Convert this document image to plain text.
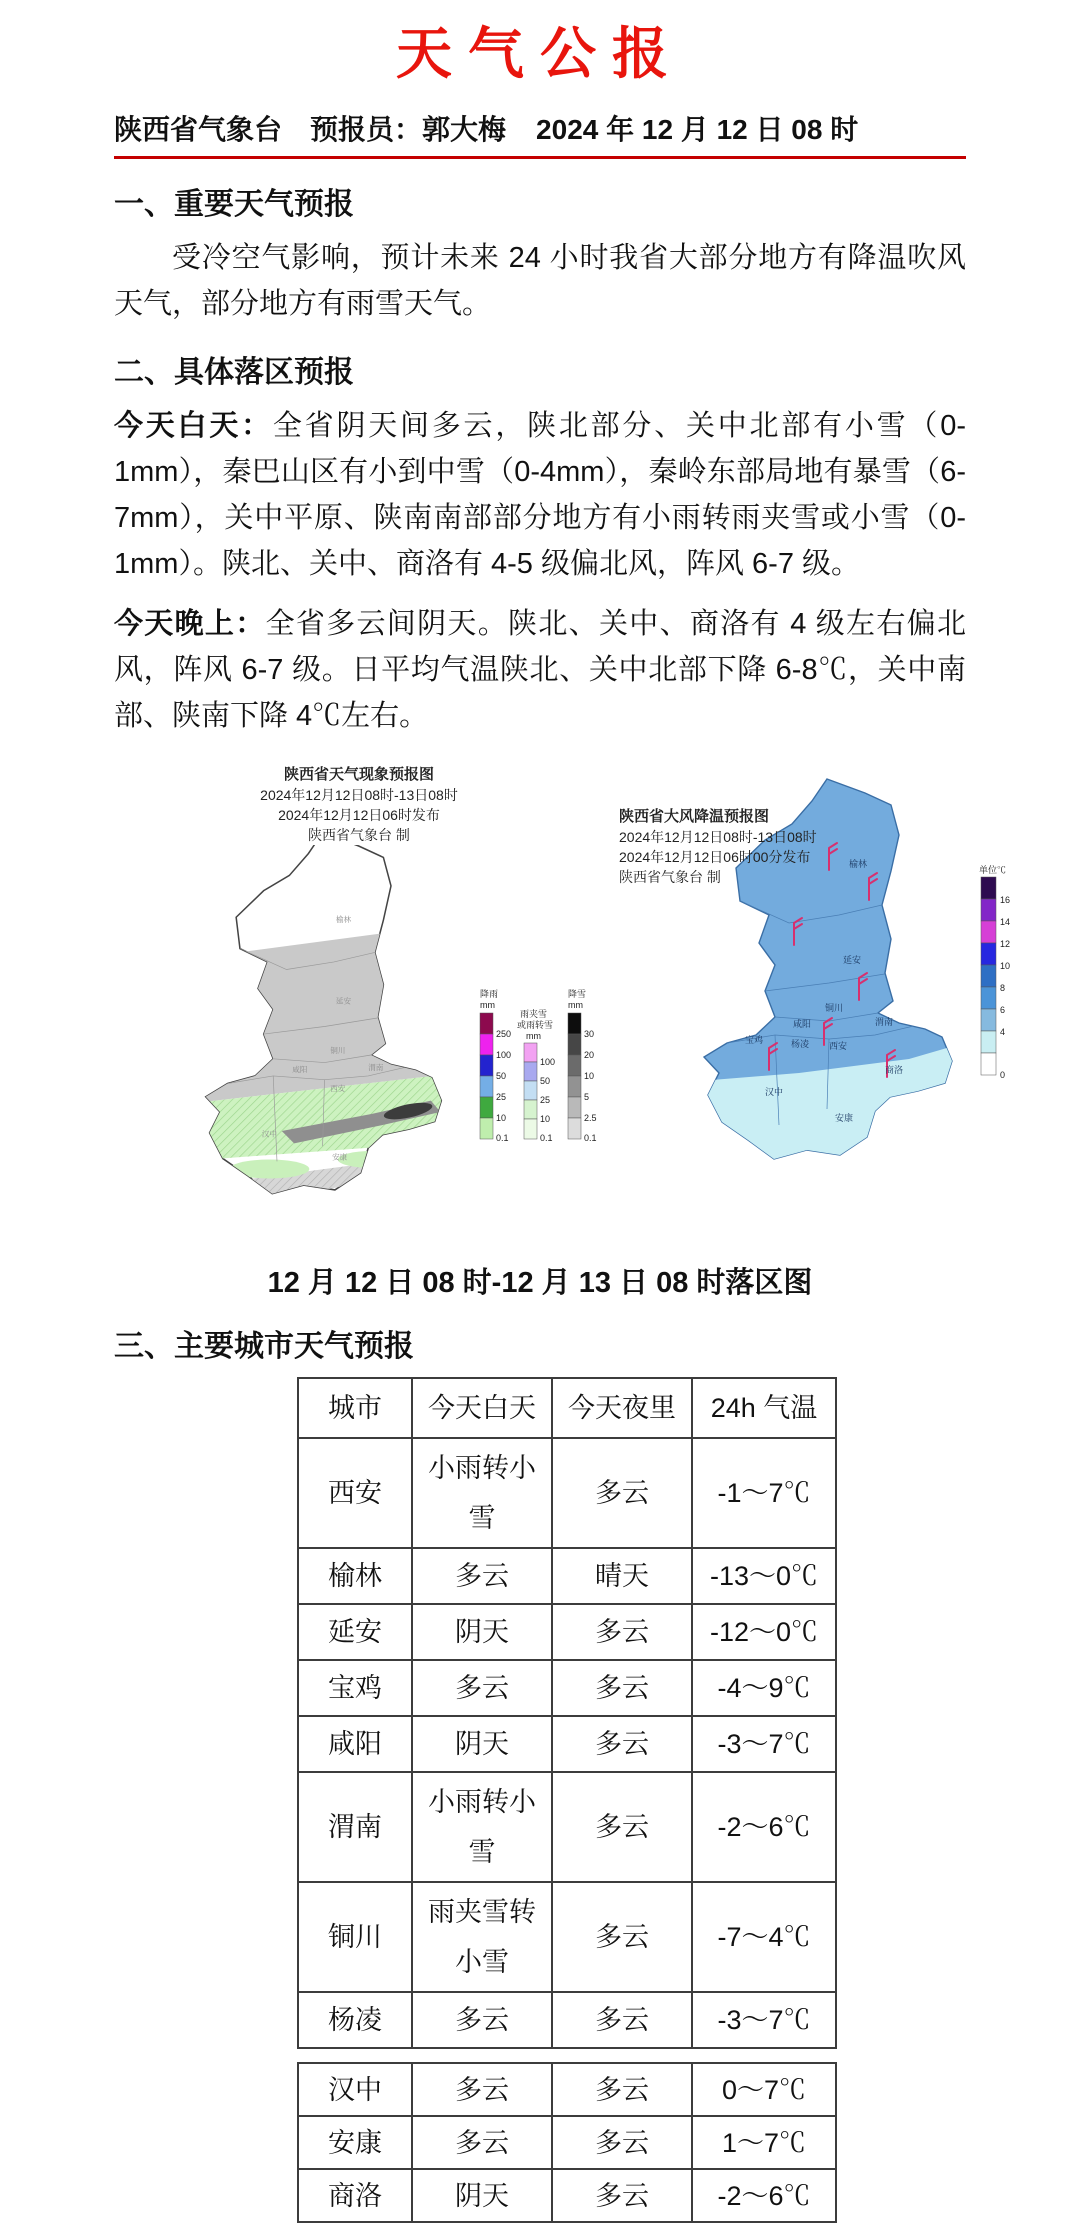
天气公报
陕西省气象台 预报员：郭大梅 2024 年 12 月 12 日 08 时
一、重要天气预报

受冷空气影响，预计未来 24 小时我省大部分地方有降温吹风天气，部分地方有雨雪天气。

二、具体落区预报

今天白天：全省阴天间多云，陕北部分、关中北部有小雪（0-1mm），秦巴山区有小到中雪（0-4mm），秦岭东部局地有暴雪（6-7mm），关中平原、陕南南部部分地方有小雨转雨夹雪或小雪（0-1mm）。陕北、关中、商洛有 4-5 级偏北风，阵风 6-7 级。

今天晚上：全省多云间阴天。陕北、关中、商洛有 4 级左右偏北风，阵风 6-7 级。日平均气温陕北、关中北部下降 6-8℃，关中南部、陕南下降 4℃左右。

陕西省天气现象预报图
2024年12月12日08时-13日08时
2024年12月12日06时发布
陕西省气象台 制
榆林
延安
铜川
咸阳	渭南
西安
汉中
安康
降雨
mm
250
100
50
25
10
0.1
雨夹雪
或雨转雪
mm
100
50
25
10
0.1
降雪
mm
30
20
10
5
2.5
0.1
陕西省大风降温预报图
2024年12月12日08时-13日08时
2024年12月12日06时00分发布
陕西省气象台 制
榆林
延安
铜川
咸阳	渭南
宝鸡	杨凌 西安
商洛
汉中
安康
单位℃
16
14
12
10
8
6
4
0
12 月 12 日 08 时-12 月 13 日 08 时落区图
三、主要城市天气预报
城市	今天白天	今天夜里	24h 气温
西安	小雨转小雪	多云	-1～7℃
榆林	多云	晴天	-13～0℃
延安	阴天	多云	-12～0℃
宝鸡	多云	多云	-4～9℃
咸阳	阴天	多云	-3～7℃
渭南	小雨转小雪	多云	-2～6℃
铜川	雨夹雪转小雪	多云	-7～4℃
杨凌	多云	多云	-3～7℃
汉中	多云	多云	0～7℃
安康	多云	多云	1～7℃
商洛	阴天	多云	-2～6℃
